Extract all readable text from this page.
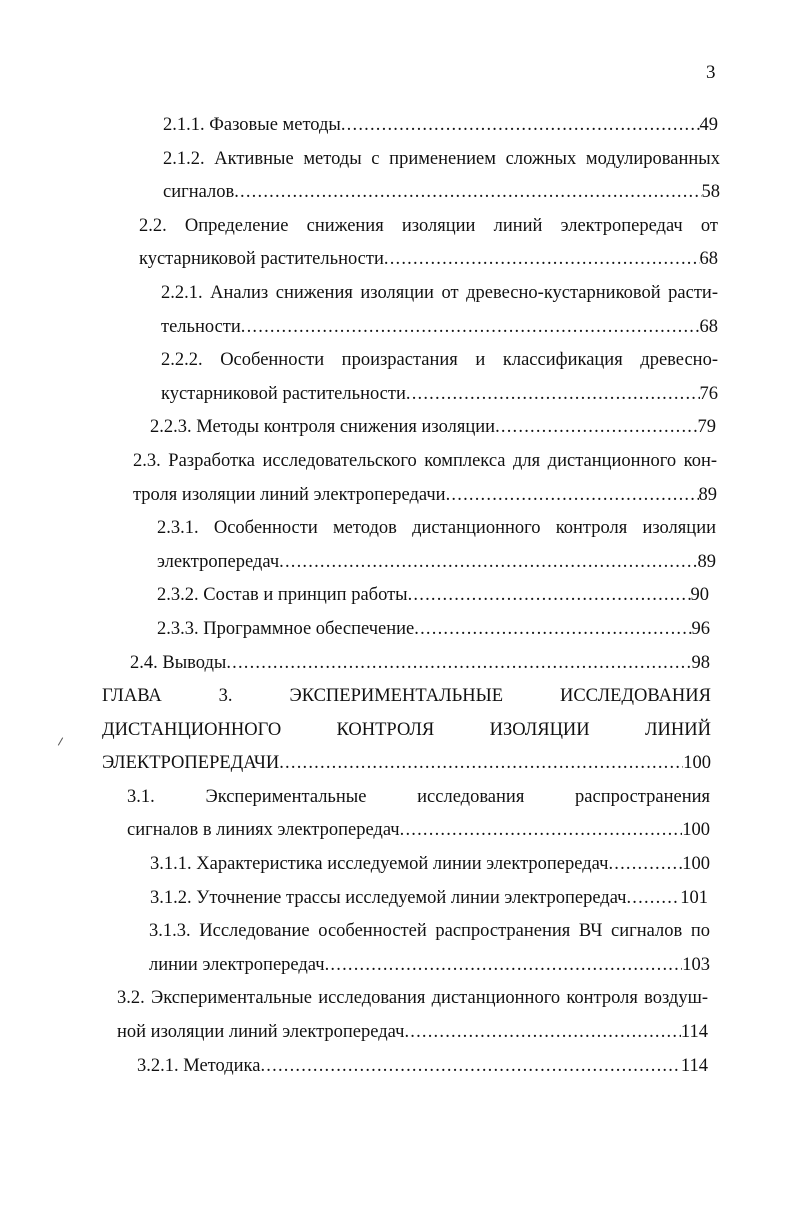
3
2.1.1. Фазовые методы .....	49
2.1.2. Активные методы с применением сложных модулированных
сигналов .....	58
2.2. Определение снижения изоляции линий электропередач от
кустарниковой растительности .....	68
2.2.1. Анализ снижения изоляции от древесно-кустарниковой расти-
тельности .....	68
2.2.2. Особенности произрастания и классификация древесно-
кустарниковой растительности .....	76
2.2.3. Методы контроля снижения изоляции .....	79
2.3. Разработка исследовательского комплекса для дистанционного кон-
троля изоляции линий электропередачи .....	89
2.3.1. Особенности методов дистанционного контроля изоляции
электропередач .....	89
2.3.2. Состав и принцип работы .....	90
2.3.3. Программное обеспечение .....	96
2.4. Выводы .....	98
ГЛАВА 3. ЭКСПЕРИМЕНТАЛЬНЫЕ ИССЛЕДОВАНИЯ
ДИСТАНЦИОННОГО КОНТРОЛЯ ИЗОЛЯЦИИ ЛИНИЙ
ЭЛЕКТРОПЕРЕДАЧИ .....	100
3.1. Экспериментальные исследования распространения
сигналов в линиях электропередач .....	100
3.1.1. Характеристика исследуемой линии электропередач .....	100
3.1.2. Уточнение трассы исследуемой линии электропередач .....	101
3.1.3. Исследование особенностей распространения ВЧ сигналов по
линии электропередач .....	103
3.2. Экспериментальные исследования дистанционного контроля воздуш-
ной изоляции линий электропередач .....	114
3.2.1. Методика .....	114
